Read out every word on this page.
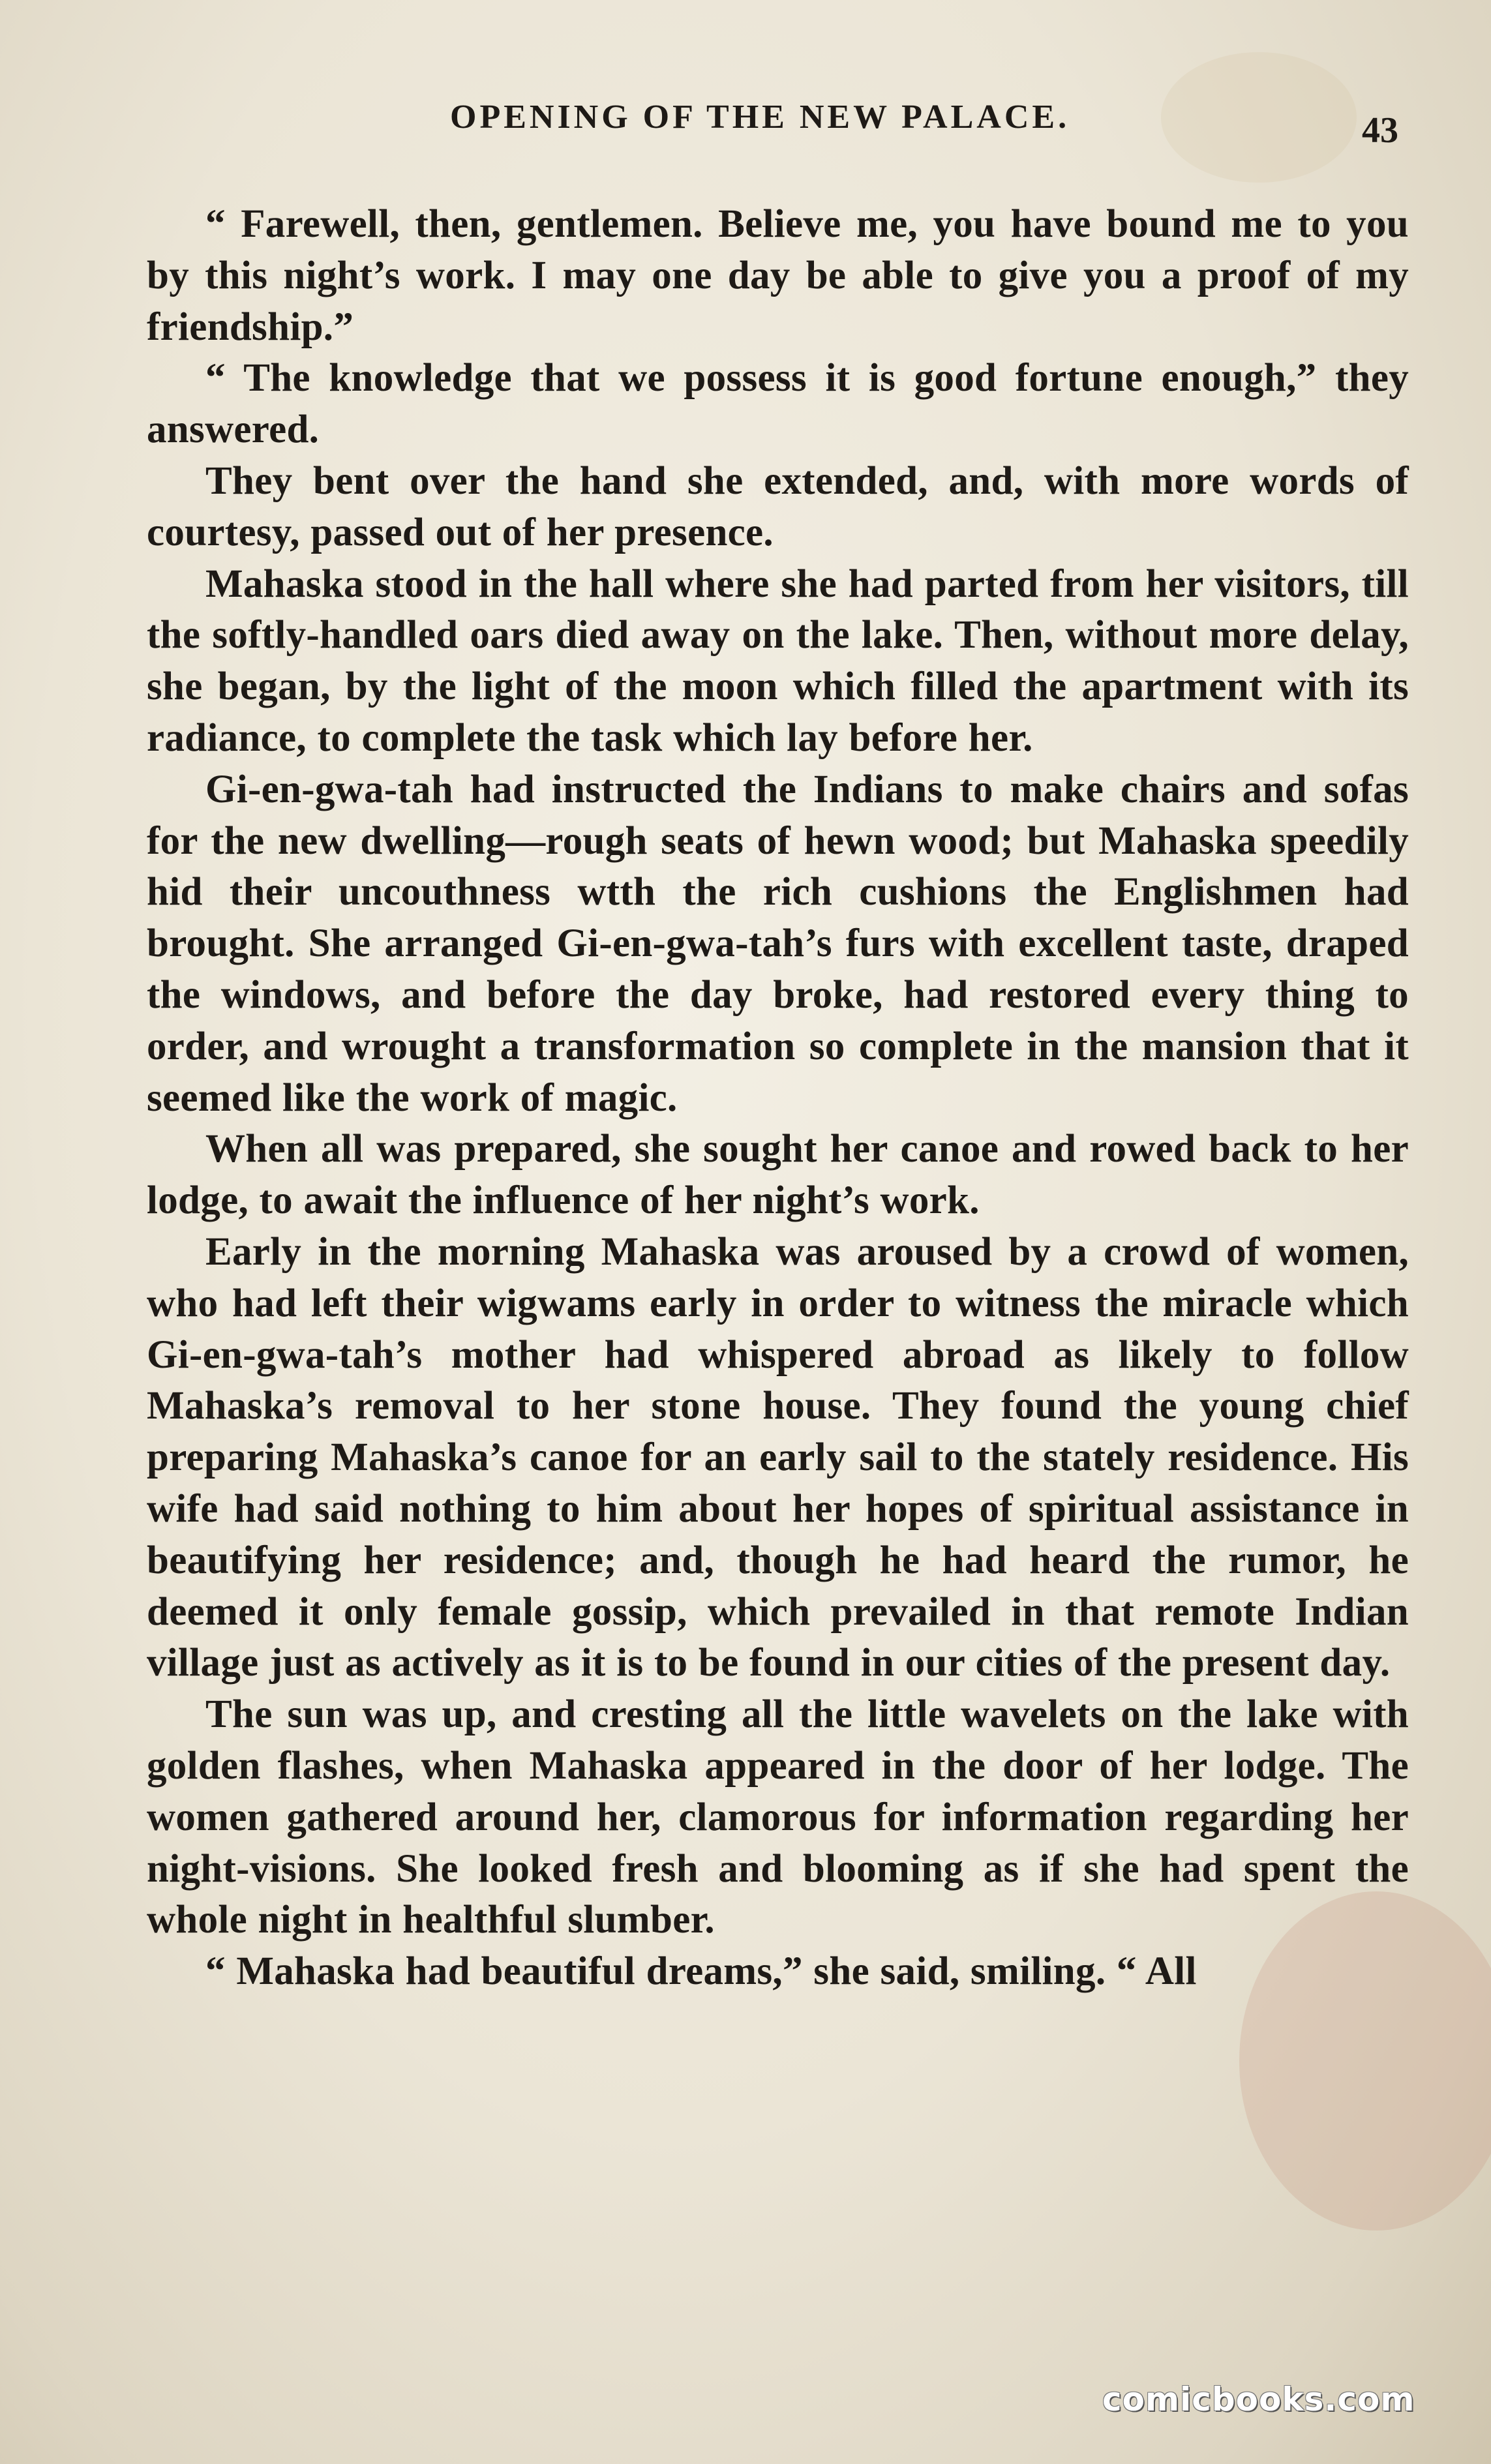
OPENING OF THE NEW PALACE.	43

“ Farewell, then, gentlemen. Believe me, you have bound me to you by this night’s work. I may one day be able to give you a proof of my friendship.”

“ The knowledge that we possess it is good fortune enough,” they answered.

They bent over the hand she extended, and, with more words of courtesy, passed out of her presence.

Mahaska stood in the hall where she had parted from her visitors, till the softly-handled oars died away on the lake. Then, without more delay, she began, by the light of the moon which filled the apartment with its radiance, to complete the task which lay before her.

Gi-en-gwa-tah had instructed the Indians to make chairs and sofas for the new dwelling—rough seats of hewn wood; but Mahaska speedily hid their uncouthness wtth the rich cushions the Englishmen had brought. She arranged Gi-en-gwa-tah’s furs with excellent taste, draped the windows, and before the day broke, had restored every thing to order, and wrought a transformation so complete in the mansion that it seemed like the work of magic.

When all was prepared, she sought her canoe and rowed back to her lodge, to await the influence of her night’s work.

Early in the morning Mahaska was aroused by a crowd of women, who had left their wigwams early in order to witness the miracle which Gi-en-gwa-tah’s mother had whispered abroad as likely to follow Mahaska’s removal to her stone house. They found the young chief preparing Mahaska’s canoe for an early sail to the stately residence. His wife had said nothing to him about her hopes of spiritual assistance in beautifying her residence; and, though he had heard the rumor, he deemed it only female gossip, which prevailed in that remote Indian village just as actively as it is to be found in our cities of the present day.

The sun was up, and cresting all the little wavelets on the lake with golden flashes, when Mahaska appeared in the door of her lodge. The women gathered around her, clamorous for information regarding her night-visions. She looked fresh and blooming as if she had spent the whole night in healthful slumber.

“ Mahaska had beautiful dreams,” she said, smiling. “ All

comicbooks.com
